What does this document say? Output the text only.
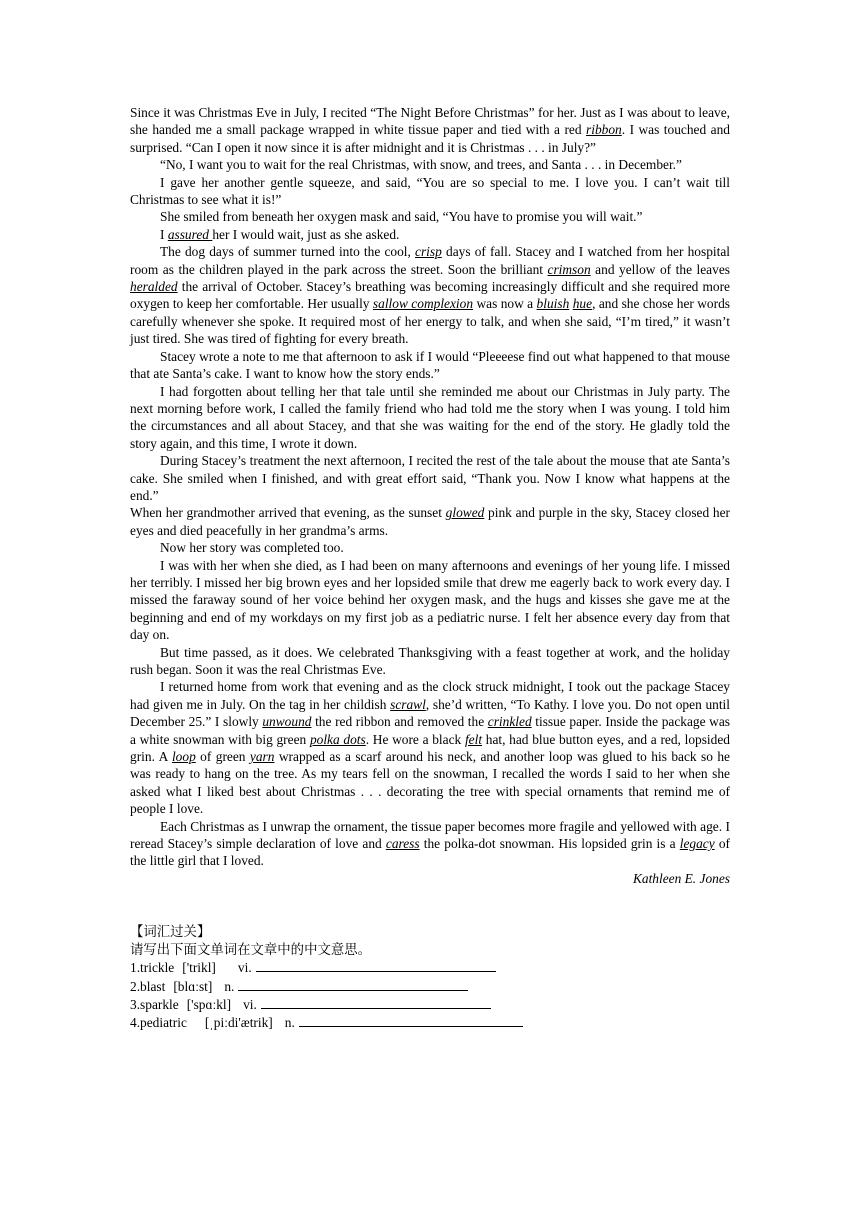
Since it was Christmas Eve in July, I recited “The Night Before Christmas” for her. Just as I was about to leave, she handed me a small package wrapped in white tissue paper and tied with a red ribbon. I was touched and surprised. “Can I open it now since it is after midnight and it is Christmas . . . in July?”

“No, I want you to wait for the real Christmas, with snow, and trees, and Santa . . . in December.”

I gave her another gentle squeeze, and said, “You are so special to me. I love you. I can’t wait till Christmas to see what it is!”

She smiled from beneath her oxygen mask and said, “You have to promise you will wait.”

I assured her I would wait, just as she asked.

The dog days of summer turned into the cool, crisp days of fall. Stacey and I watched from her hospital room as the children played in the park across the street. Soon the brilliant crimson and yellow of the leaves heralded the arrival of October. Stacey’s breathing was becoming increasingly difficult and she required more oxygen to keep her comfortable. Her usually sallow complexion was now a bluish hue, and she chose her words carefully whenever she spoke. It required most of her energy to talk, and when she said, “I’m tired,” it wasn’t just tired. She was tired of fighting for every breath.

Stacey wrote a note to me that afternoon to ask if I would “Pleeeese find out what happened to that mouse that ate Santa’s cake. I want to know how the story ends.”

I had forgotten about telling her that tale until she reminded me about our Christmas in July party. The next morning before work, I called the family friend who had told me the story when I was young. I told him the circumstances and all about Stacey, and that she was waiting for the end of the story. He gladly told the story again, and this time, I wrote it down.

During Stacey’s treatment the next afternoon, I recited the rest of the tale about the mouse that ate Santa’s cake. She smiled when I finished, and with great effort said, “Thank you. Now I know what happens at the end.”

When her grandmother arrived that evening, as the sunset glowed pink and purple in the sky, Stacey closed her eyes and died peacefully in her grandma’s arms.

Now her story was completed too.

I was with her when she died, as I had been on many afternoons and evenings of her young life. I missed her terribly. I missed her big brown eyes and her lopsided smile that drew me eagerly back to work every day. I missed the faraway sound of her voice behind her oxygen mask, and the hugs and kisses she gave me at the beginning and end of my workdays on my first job as a pediatric nurse. I felt her absence every day from that day on.

But time passed, as it does. We celebrated Thanksgiving with a feast together at work, and the holiday rush began. Soon it was the real Christmas Eve.

I returned home from work that evening and as the clock struck midnight, I took out the package Stacey had given me in July. On the tag in her childish scrawl, she’d written, “To Kathy. I love you. Do not open until December 25.” I slowly unwound the red ribbon and removed the crinkled tissue paper. Inside the package was a white snowman with big green polka dots. He wore a black felt hat, had blue button eyes, and a red, lopsided grin. A loop of green yarn wrapped as a scarf around his neck, and another loop was glued to his back so he was ready to hang on the tree. As my tears fell on the snowman, I recalled the words I said to her when she asked what I liked best about Christmas . . . decorating the tree with special ornaments that remind me of people I love.

Each Christmas as I unwrap the ornament, the tissue paper becomes more fragile and yellowed with age. I reread Stacey’s simple declaration of love and caress the polka-dot snowman. His lopsided grin is a legacy of the little girl that I loved.

Kathleen E. Jones

【词汇过关】

请写出下面文单词在文章中的中文意思。

1.trickle ['trikl] vi.

2.blast [blɑːst] n.

3.sparkle ['spɑːkl] vi.

4.pediatric [ˌpiːdi'ætrik] n.
